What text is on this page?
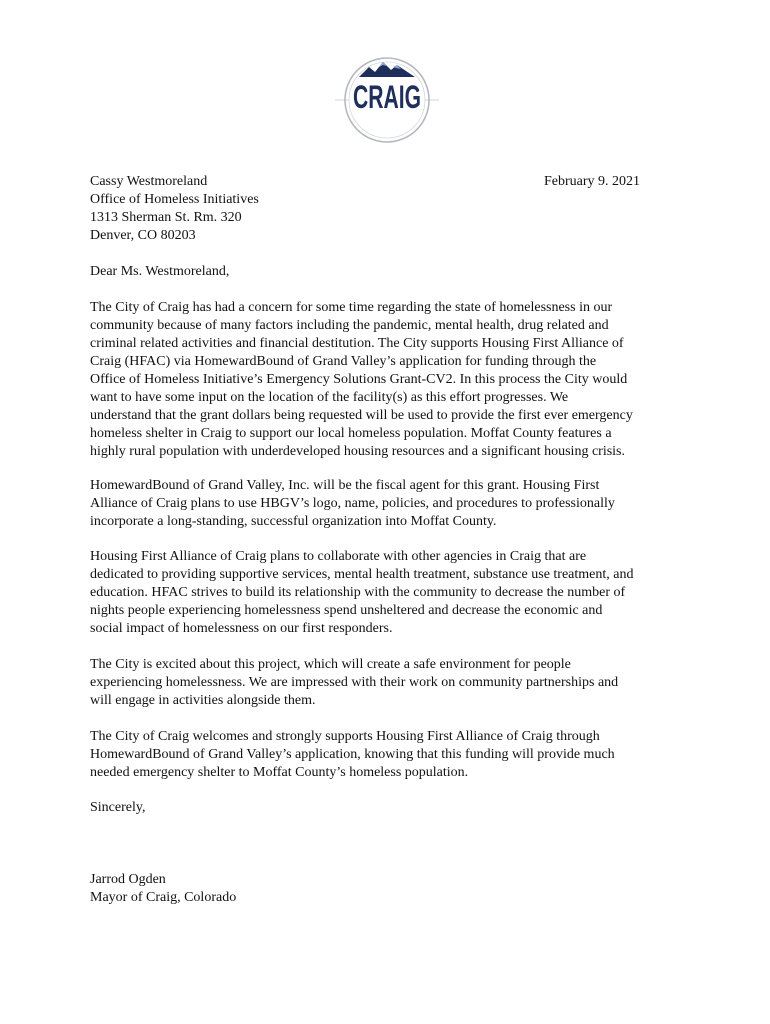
CRAIG
Cassy Westmoreland
Office of Homeless Initiatives
1313 Sherman St. Rm. 320
Denver, CO 80203
February 9. 2021

Dear Ms. Westmoreland,

The City of Craig has had a concern for some time regarding the state of homelessness in our
community because of many factors including the pandemic, mental health, drug related and
criminal related activities and financial destitution. The City supports Housing First Alliance of
Craig (HFAC) via HomewardBound of Grand Valley’s application for funding through the
Office of Homeless Initiative’s Emergency Solutions Grant-CV2. In this process the City would
want to have some input on the location of the facility(s) as this effort progresses. We
understand that the grant dollars being requested will be used to provide the first ever emergency
homeless shelter in Craig to support our local homeless population. Moffat County features a
highly rural population with underdeveloped housing resources and a significant housing crisis.
HomewardBound of Grand Valley, Inc. will be the fiscal agent for this grant. Housing First
Alliance of Craig plans to use HBGV’s logo, name, policies, and procedures to professionally
incorporate a long-standing, successful organization into Moffat County.
Housing First Alliance of Craig plans to collaborate with other agencies in Craig that are
dedicated to providing supportive services, mental health treatment, substance use treatment, and
education. HFAC strives to build its relationship with the community to decrease the number of
nights people experiencing homelessness spend unsheltered and decrease the economic and
social impact of homelessness on our first responders.
The City is excited about this project, which will create a safe environment for people
experiencing homelessness. We are impressed with their work on community partnerships and
will engage in activities alongside them.
The City of Craig welcomes and strongly supports Housing First Alliance of Craig through
HomewardBound of Grand Valley’s application, knowing that this funding will provide much
needed emergency shelter to Moffat County’s homeless population.

Sincerely,

Jarrod Ogden
Mayor of Craig, Colorado
